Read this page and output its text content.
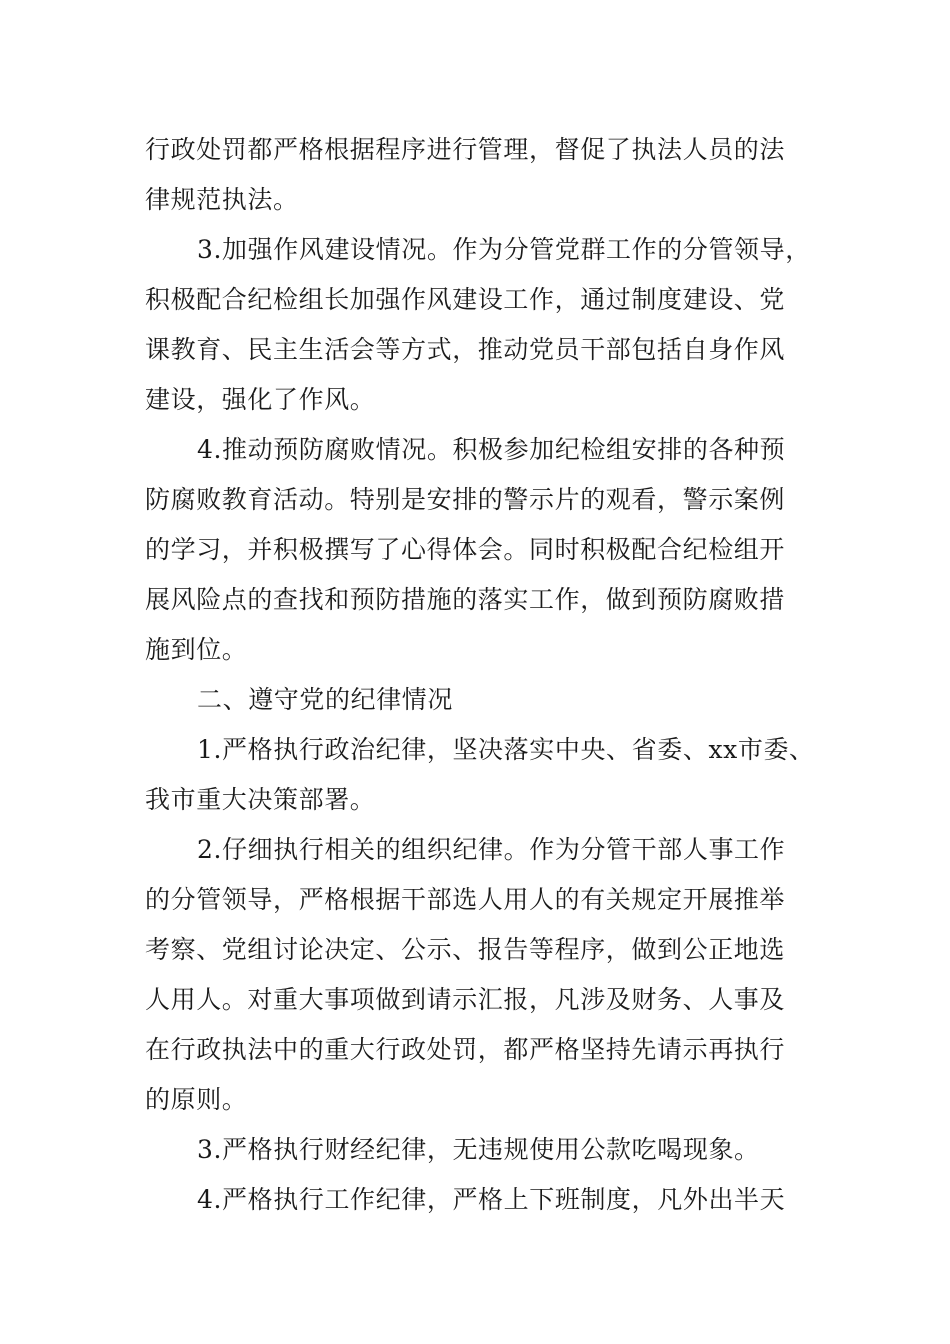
行政处罚都严格根据程序进行管理，督促了执法人员的法
律规范执法。
3.加强作风建设情况。作为分管党群工作的分管领导，
积极配合纪检组长加强作风建设工作，通过制度建设、党
课教育、民主生活会等方式，推动党员干部包括自身作风
建设，强化了作风。
4.推动预防腐败情况。积极参加纪检组安排的各种预
防腐败教育活动。特别是安排的警示片的观看，警示案例
的学习，并积极撰写了心得体会。同时积极配合纪检组开
展风险点的查找和预防措施的落实工作，做到预防腐败措
施到位。
二、遵守党的纪律情况
1.严格执行政治纪律，坚决落实中央、省委、xx市委、
我市重大决策部署。
2.仔细执行相关的组织纪律。作为分管干部人事工作
的分管领导，严格根据干部选人用人的有关规定开展推举
考察、党组讨论决定、公示、报告等程序，做到公正地选
人用人。对重大事项做到请示汇报，凡涉及财务、人事及
在行政执法中的重大行政处罚，都严格坚持先请示再执行
的原则。
3.严格执行财经纪律，无违规使用公款吃喝现象。
4.严格执行工作纪律，严格上下班制度，凡外出半天
